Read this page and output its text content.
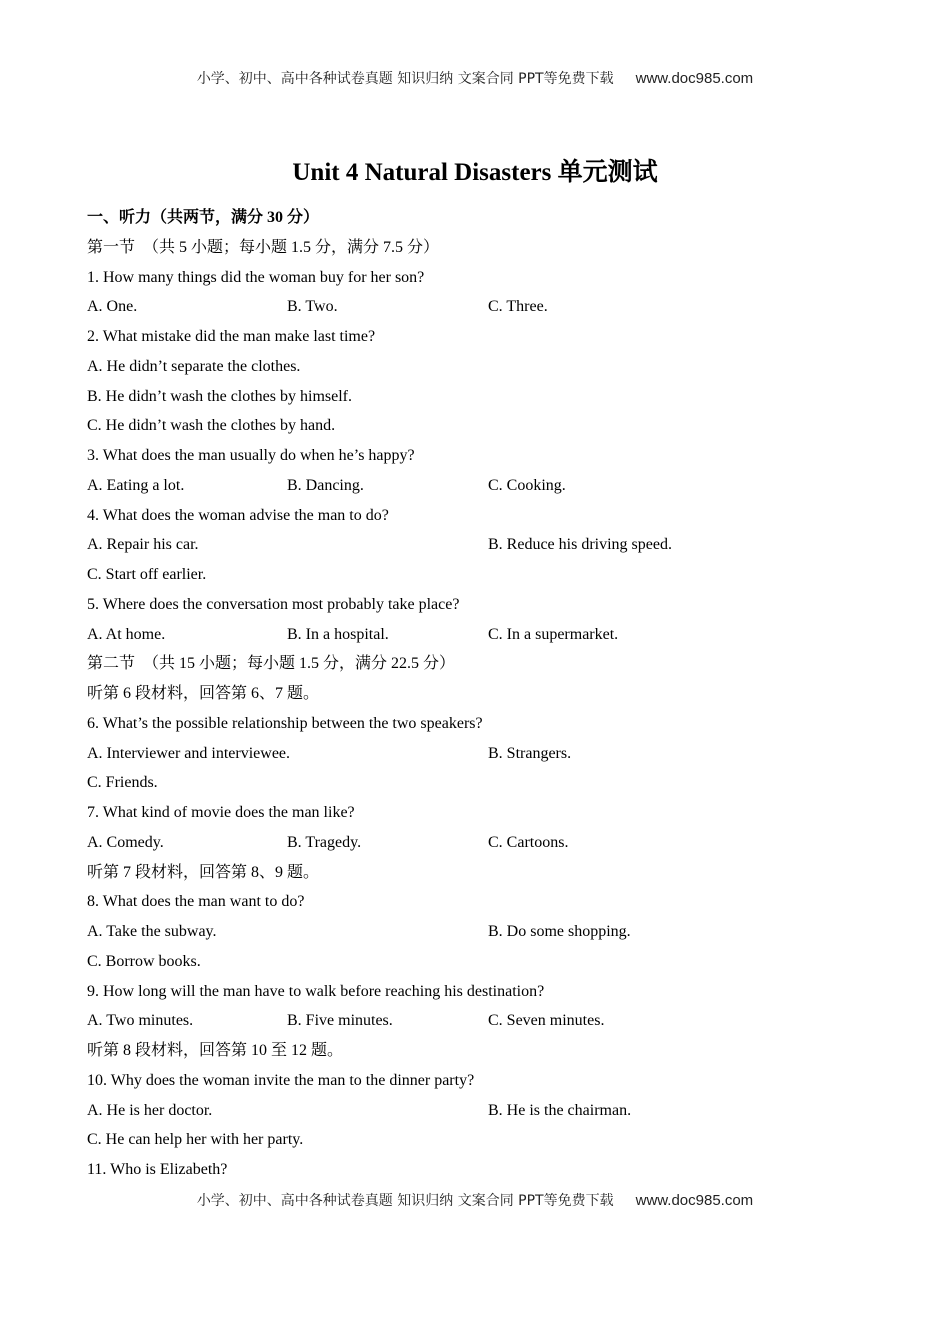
小学、初中、高中各种试卷真题 知识归纳 文案合同 PPT等免费下载 www.doc985.com
Unit 4 Natural Disasters 单元测试
一、听力（共两节，满分 30 分）
第一节　（共 5 小题；每小题 1.5 分，满分 7.5 分）
1. How many things did the woman buy for her son?
A. One.	B. Two.	C. Three.
2. What mistake did the man make last time?
A. He didn’t separate the clothes.
B. He didn’t wash the clothes by himself.
C. He didn’t wash the clothes by hand.
3. What does the man usually do when he’s happy?
A. Eating a lot.	B. Dancing.	C. Cooking.
4. What does the woman advise the man to do?
A. Repair his car.	B. Reduce his driving speed.
C. Start off earlier.
5. Where does the conversation most probably take place?
A. At home.	B. In a hospital.	C. In a supermarket.
第二节　（共 15 小题；每小题 1.5 分，满分 22.5 分）
听第 6 段材料，回答第 6、7 题。
6. What’s the possible relationship between the two speakers?
A. Interviewer and interviewee.	B. Strangers.
C. Friends.
7. What kind of movie does the man like?
A. Comedy.	B. Tragedy.	C. Cartoons.
听第 7 段材料，回答第 8、9 题。
8. What does the man want to do?
A. Take the subway.	B. Do some shopping.
C. Borrow books.
9. How long will the man have to walk before reaching his destination?
A. Two minutes.	B. Five minutes.	C. Seven minutes.
听第 8 段材料，回答第 10 至 12 题。
10. Why does the woman invite the man to the dinner party?
A. He is her doctor.	B. He is the chairman.
C. He can help her with her party.
11. Who is Elizabeth?
小学、初中、高中各种试卷真题 知识归纳 文案合同 PPT等免费下载 www.doc985.com
